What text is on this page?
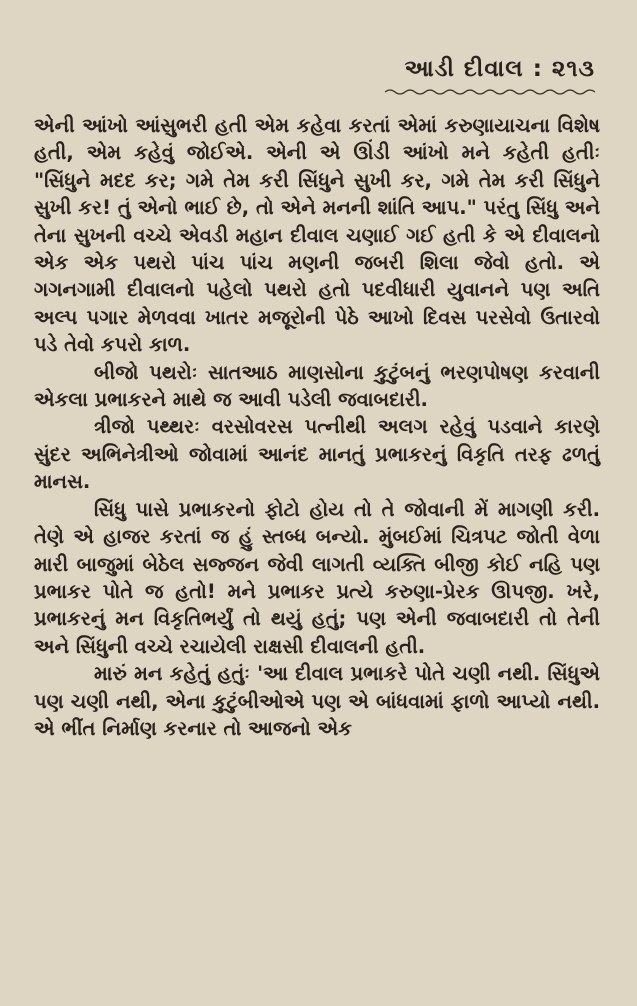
આડી દીવાલ : ૨૧૩

એની આંખો આંસુભરી હતી એમ કહેવા કરતાં એમાં કરુણાયાચના વિશેષ હતી, એમ કહેવું જોઈએ. એની એ ઊંડી આંખો મને કહેતી હતીઃ "સિંધુને મદદ કર; ગમે તેમ કરી સિંધુને સુખી કર, ગમે તેમ કરી સિંધુને સુખી કર! તું એનો ભાઈ છે, તો એને મનની શાંતિ આપ." પરંતુ સિંધુ અને તેના સુખની વચ્ચે એવડી મહાન દીવાલ ચણાઈ ગઈ હતી કે એ દીવાલનો એક એક પથરો પાંચ પાંચ મણની જબરી શિલા જેવો હતો. એ ગગનગામી દીવાલનો પહેલો પથરો હતો પદવીધારી યુવાનને પણ અતિ અલ્પ પગાર મેળવવા ખાતર મજૂરોની પેઠે આખો દિવસ પરસેવો ઉતારવો પડે તેવો કપરો કાળ.

બીજો પથરોઃ સાતઆઠ માણસોના કુટુંબનું ભરણપોષણ કરવાની એકલા પ્રભાકરને માથે જ આવી પડેલી જવાબદારી.

ત્રીજો પથ્થરઃ વરસોવરસ પત્નીથી અલગ રહેવું પડવાને કારણે સુંદર અભિનેત્રીઓ જોવામાં આનંદ માનતું પ્રભાકરનું વિકૃતિ તરફ ઢળતું માનસ.

સિંધુ પાસે પ્રભાકરનો ફોટો હોય તો તે જોવાની મેં માગણી કરી. તેણે એ હાજર કરતાં જ હું સ્તબ્ધ બન્યો. મુંબઈમાં ચિત્રપટ જોતી વેળા મારી બાજુમાં બેઠેલ સજ્જન જેવી લાગતી વ્યક્તિ બીજી કોઈ નહિ પણ પ્રભાકર પોતે જ હતો! મને પ્રભાકર પ્રત્યે કરુણા-પ્રેરક ઊપજી. ખરે, પ્રભાકરનું મન વિકૃતિભર્યું તો થયું હતું; પણ એની જવાબદારી તો તેની અને સિંધુની વચ્ચે રચાયેલી રાક્ષસી દીવાલની હતી.

મારું મન કહેતું હતુંઃ 'આ દીવાલ પ્રભાકરે પોતે ચણી નથી. સિંધુએ પણ ચણી નથી, એના કુટુંબીઓએ પણ એ બાંધવામાં ફાળો આપ્યો નથી. એ ભીંત નિર્માણ કરનાર તો આજનો એક
